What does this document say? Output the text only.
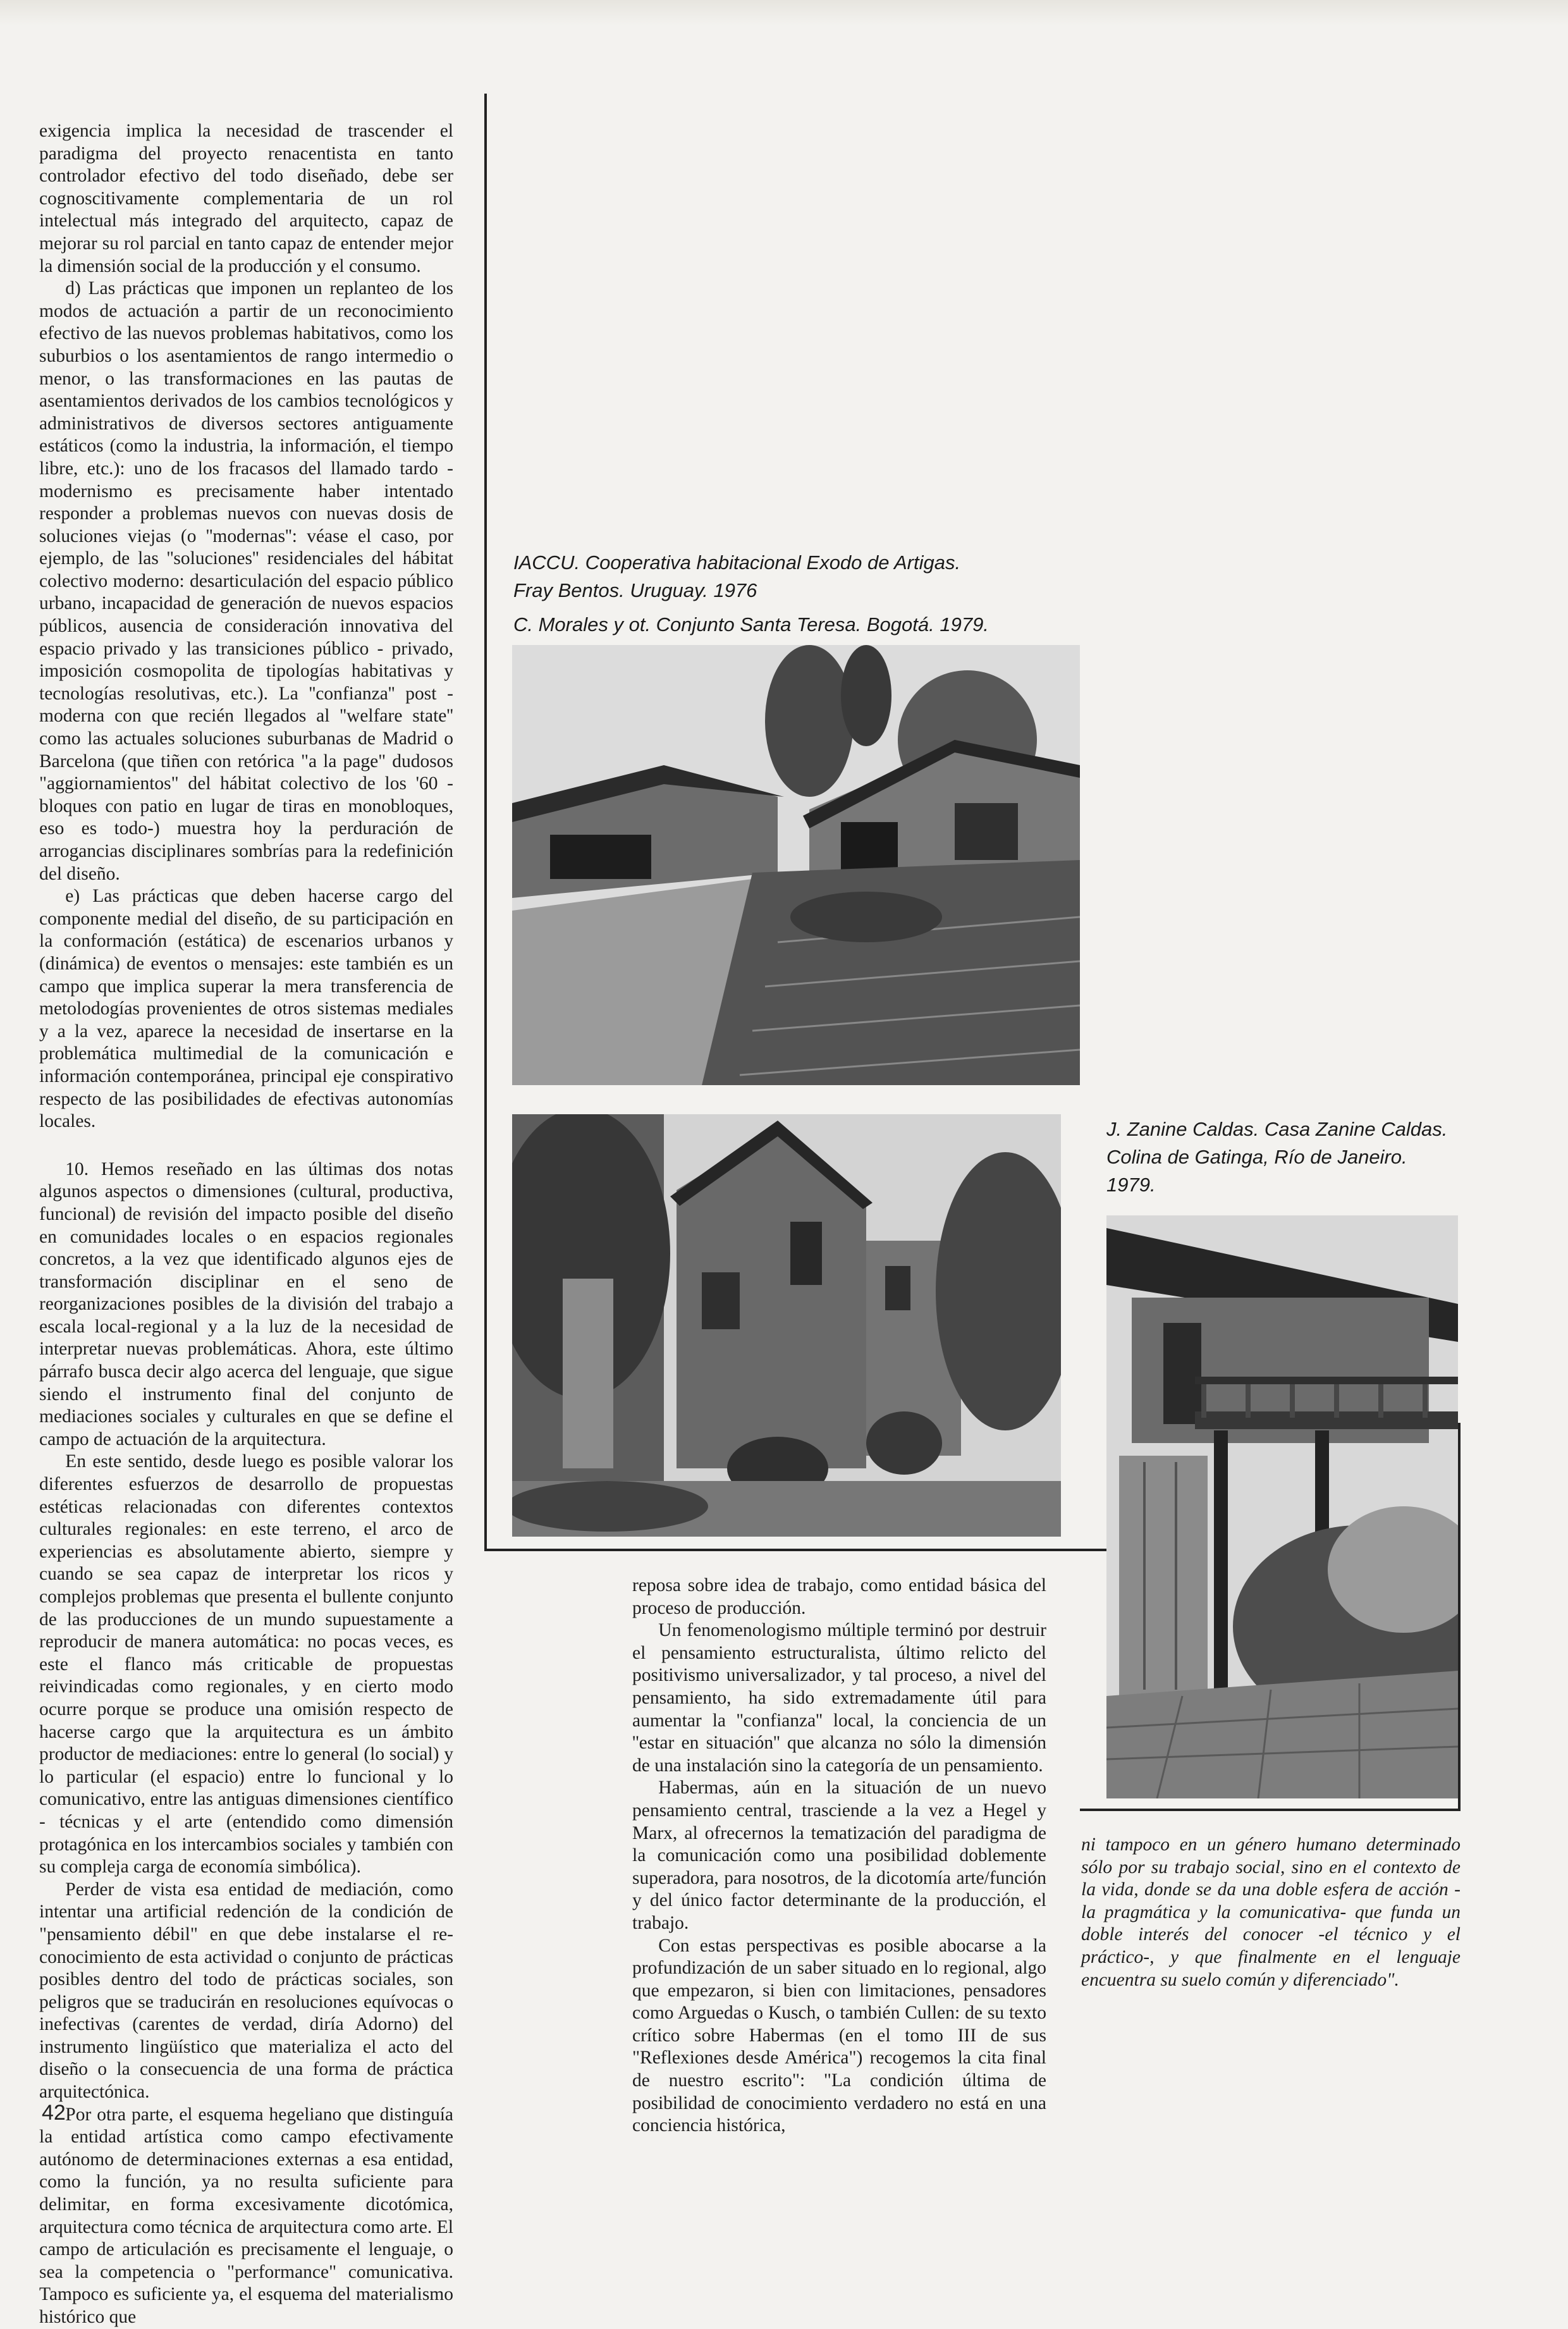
exigencia implica la necesidad de trascender el paradigma del proyecto renacentista en tanto controlador efectivo del todo diseñado, debe ser cognoscitivamente complementaria de un rol intelectual más integrado del arquitecto, capaz de mejorar su rol parcial en tanto capaz de entender mejor la dimensión social de la producción y el consumo.

d) Las prácticas que imponen un replanteo de los modos de actuación a partir de un reconocimiento efectivo de las nuevos problemas habitativos, como los suburbios o los asentamientos de rango intermedio o menor, o las transformaciones en las pautas de asentamientos derivados de los cambios tecnológicos y administrativos de diversos sectores antiguamente estáticos (como la industria, la información, el tiempo libre, etc.): uno de los fracasos del llamado tardo - modernismo es precisamente haber intentado responder a problemas nuevos con nuevas dosis de soluciones viejas (o ''modernas'': véase el caso, por ejemplo, de las ''soluciones'' residenciales del hábitat colectivo moderno: desarticulación del espacio público urbano, incapacidad de generación de nuevos espacios públicos, ausencia de consideración innovativa del espacio privado y las transiciones público - privado, imposición cosmopolita de tipologías habitativas y tecnologías resolutivas, etc.). La ''confianza'' post - moderna con que recién llegados al ''welfare state'' como las actuales soluciones suburbanas de Madrid o Barcelona (que tiñen con retórica "a la page" dudosos "aggiornamientos" del hábitat colectivo de los '60 -bloques con patio en lugar de tiras en monobloques, eso es todo-) muestra hoy la perduración de arrogancias disciplinares sombrías para la redefinición del diseño.

e) Las prácticas que deben hacerse cargo del componente medial del diseño, de su participación en la conformación (estática) de escenarios urbanos y (dinámica) de eventos o mensajes: este también es un campo que implica superar la mera transferencia de metolodogías provenientes de otros sistemas mediales y a la vez, aparece la necesidad de insertarse en la problemática multimedial de la comunicación e información contemporánea, principal eje conspirativo respecto de las posibilidades de efectivas autonomías locales.

10. Hemos reseñado en las últimas dos notas algunos aspectos o dimensiones (cultural, productiva, funcional) de revisión del impacto posible del diseño en comunidades locales o en espacios regionales concretos, a la vez que identificado algunos ejes de transformación disciplinar en el seno de reorganizaciones posibles de la división del trabajo a escala local-regional y a la luz de la necesidad de interpretar nuevas problemáticas. Ahora, este último párrafo busca decir algo acerca del lenguaje, que sigue siendo el instrumento final del conjunto de mediaciones sociales y culturales en que se define el campo de actuación de la arquitectura.

En este sentido, desde luego es posible valorar los diferentes esfuerzos de desarrollo de propuestas estéticas relacionadas con diferentes contextos culturales regionales: en este terreno, el arco de experiencias es absolutamente abierto, siempre y cuando se sea capaz de interpretar los ricos y complejos problemas que presenta el bullente conjunto de las producciones de un mundo supuestamente a reproducir de manera automática: no pocas veces, es este el flanco más criticable de propuestas reivindicadas como regionales, y en cierto modo ocurre porque se produce una omisión respecto de hacerse cargo que la arquitectura es un ámbito productor de mediaciones: entre lo general (lo social) y lo particular (el espacio) entre lo funcional y lo comunicativo, entre las antiguas dimensiones científico - técnicas y el arte (entendido como dimensión protagónica en los intercambios sociales y también con su compleja carga de economía simbólica).

Perder de vista esa entidad de mediación, como intentar una artificial redención de la condición de "pensamiento débil" en que debe instalarse el re-conocimiento de esta actividad o conjunto de prácticas posibles dentro del todo de prácticas sociales, son peligros que se traducirán en resoluciones equívocas o inefectivas (carentes de verdad, diría Adorno) del instrumento lingüístico que materializa el acto del diseño o la consecuencia de una forma de práctica arquitectónica.

Por otra parte, el esquema hegeliano que distinguía la entidad artística como campo efectivamente autónomo de determinaciones externas a esa entidad, como la función, ya no resulta suficiente para delimitar, en forma excesivamente dicotómica, arquitectura como técnica de arquitectura como arte. El campo de articulación es precisamente el lenguaje, o sea la competencia o "performance" comunicativa. Tampoco es suficiente ya, el esquema del materialismo histórico que

IACCU. Cooperativa habitacional Exodo de Artigas.
Fray Bentos. Uruguay. 1976
C. Morales y ot. Conjunto Santa Teresa. Bogotá. 1979.
J. Zanine Caldas. Casa Zanine Caldas.
Colina de Gatinga, Río de Janeiro. 1979.

reposa sobre idea de trabajo, como entidad básica del proceso de producción.

Un fenomenologismo múltiple terminó por destruir el pensamiento estructuralista, último relicto del positivismo universalizador, y tal proceso, a nivel del pensamiento, ha sido extremadamente útil para aumentar la ''confianza'' local, la conciencia de un ''estar en situación'' que alcanza no sólo la dimensión de una instalación sino la categoría de un pensamiento.

Habermas, aún en la situación de un nuevo pensamiento central, trasciende a la vez a Hegel y Marx, al ofrecernos la tematización del paradigma de la comunicación como una posibilidad doblemente superadora, para nosotros, de la dicotomía arte/función y del único factor determinante de la producción, el trabajo.

Con estas perspectivas es posible abocarse a la profundización de un saber situado en lo regional, algo que empezaron, si bien con limitaciones, pensadores como Arguedas o Kusch, o también Cullen: de su texto crítico sobre Habermas (en el tomo III de sus "Reflexiones desde América") recogemos la cita final de nuestro escrito": "La condición última de posibilidad de conocimiento verdadero no está en una conciencia histórica,

ni tampoco en un género humano determinado sólo por su trabajo social, sino en el contexto de la vida, donde se da una doble esfera de acción -la pragmática y la comunicativa- que funda un doble interés del conocer -el técnico y el práctico-, y que finalmente en el lenguaje encuentra su suelo común y diferenciado".

42
